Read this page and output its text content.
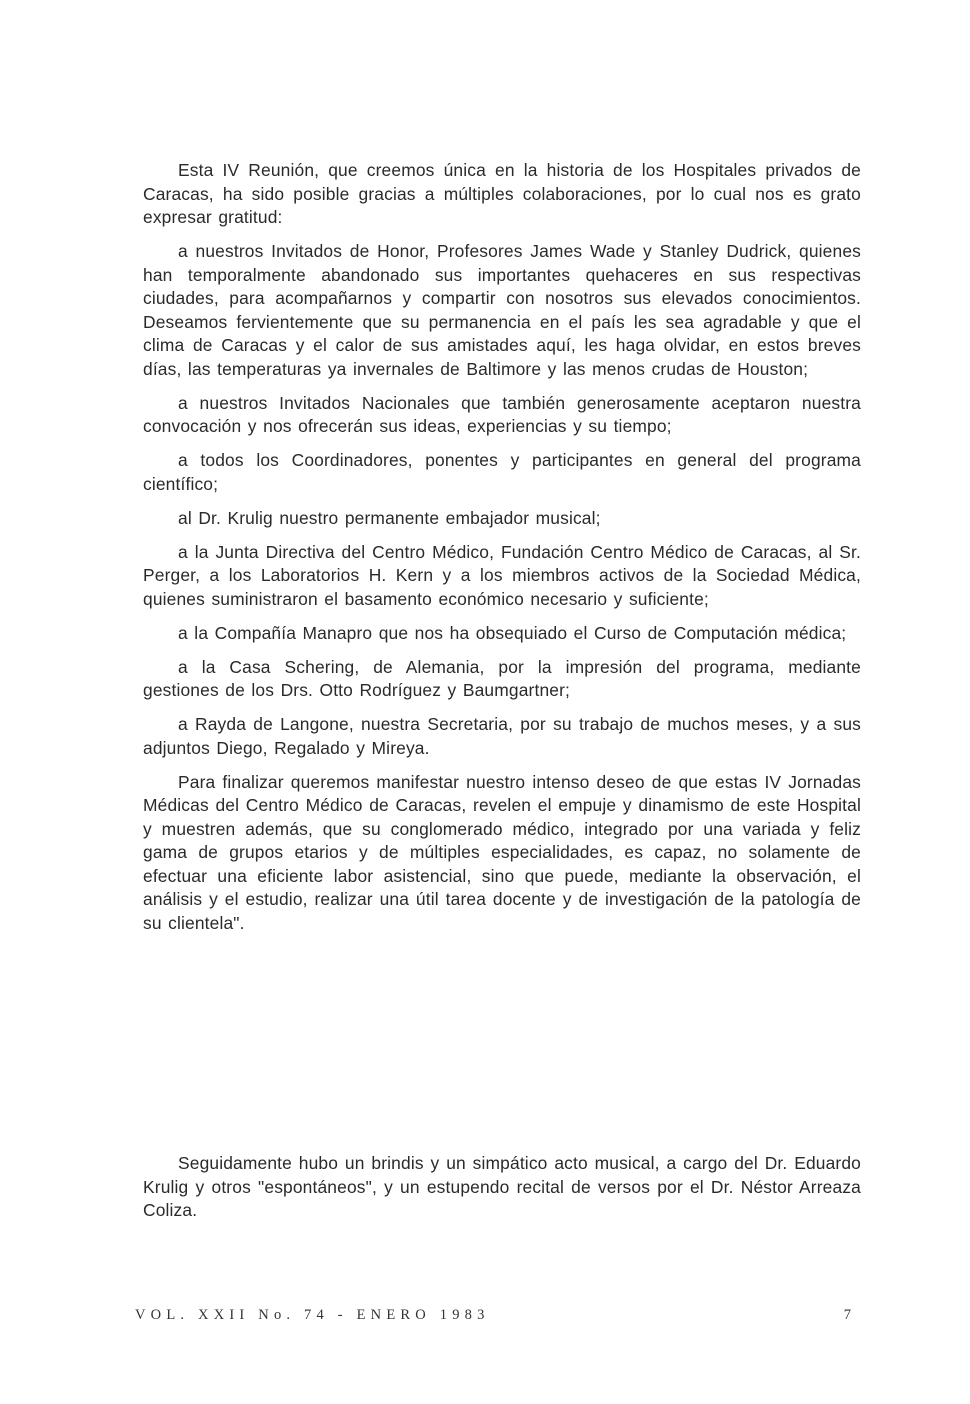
Esta IV Reunión, que creemos única en la historia de los Hospitales privados de Caracas, ha sido posible gracias a múltiples colaboraciones, por lo cual nos es grato expresar gratitud:

a nuestros Invitados de Honor, Profesores James Wade y Stanley Dudrick, quienes han temporalmente abandonado sus importantes quehaceres en sus respectivas ciudades, para acompañarnos y compartir con nosotros sus elevados conocimientos. Deseamos fervientemente que su permanencia en el país les sea agradable y que el clima de Caracas y el calor de sus amistades aquí, les haga olvidar, en estos breves días, las temperaturas ya invernales de Baltimore y las menos crudas de Houston;

a nuestros Invitados Nacionales que también generosamente aceptaron nuestra convocación y nos ofrecerán sus ideas, experiencias y su tiempo;

a todos los Coordinadores, ponentes y participantes en general del programa científico;

al Dr. Krulig nuestro permanente embajador musical;

a la Junta Directiva del Centro Médico, Fundación Centro Médico de Caracas, al Sr. Perger, a los Laboratorios H. Kern y a los miembros activos de la Sociedad Médica, quienes suministraron el basamento económico necesario y suficiente;

a la Compañía Manapro que nos ha obsequiado el Curso de Computación médica;

a la Casa Schering, de Alemania, por la impresión del programa, mediante gestiones de los Drs. Otto Rodríguez y Baumgartner;

a Rayda de Langone, nuestra Secretaria, por su trabajo de muchos meses, y a sus adjuntos Diego, Regalado y Mireya.

Para finalizar queremos manifestar nuestro intenso deseo de que estas IV Jornadas Médicas del Centro Médico de Caracas, revelen el empuje y dinamismo de este Hospital y muestren además, que su conglomerado médico, integrado por una variada y feliz gama de grupos etarios y de múltiples especialidades, es capaz, no solamente de efectuar una eficiente labor asistencial, sino que puede, mediante la observación, el análisis y el estudio, realizar una útil tarea docente y de investigación de la patología de su clientela".

Seguidamente hubo un brindis y un simpático acto musical, a cargo del Dr. Eduardo Krulig y otros "espontáneos", y un estupendo recital de versos por el Dr. Néstor Arreaza Coliza.

VOL. XXII No. 74 - ENERO 1983	7
